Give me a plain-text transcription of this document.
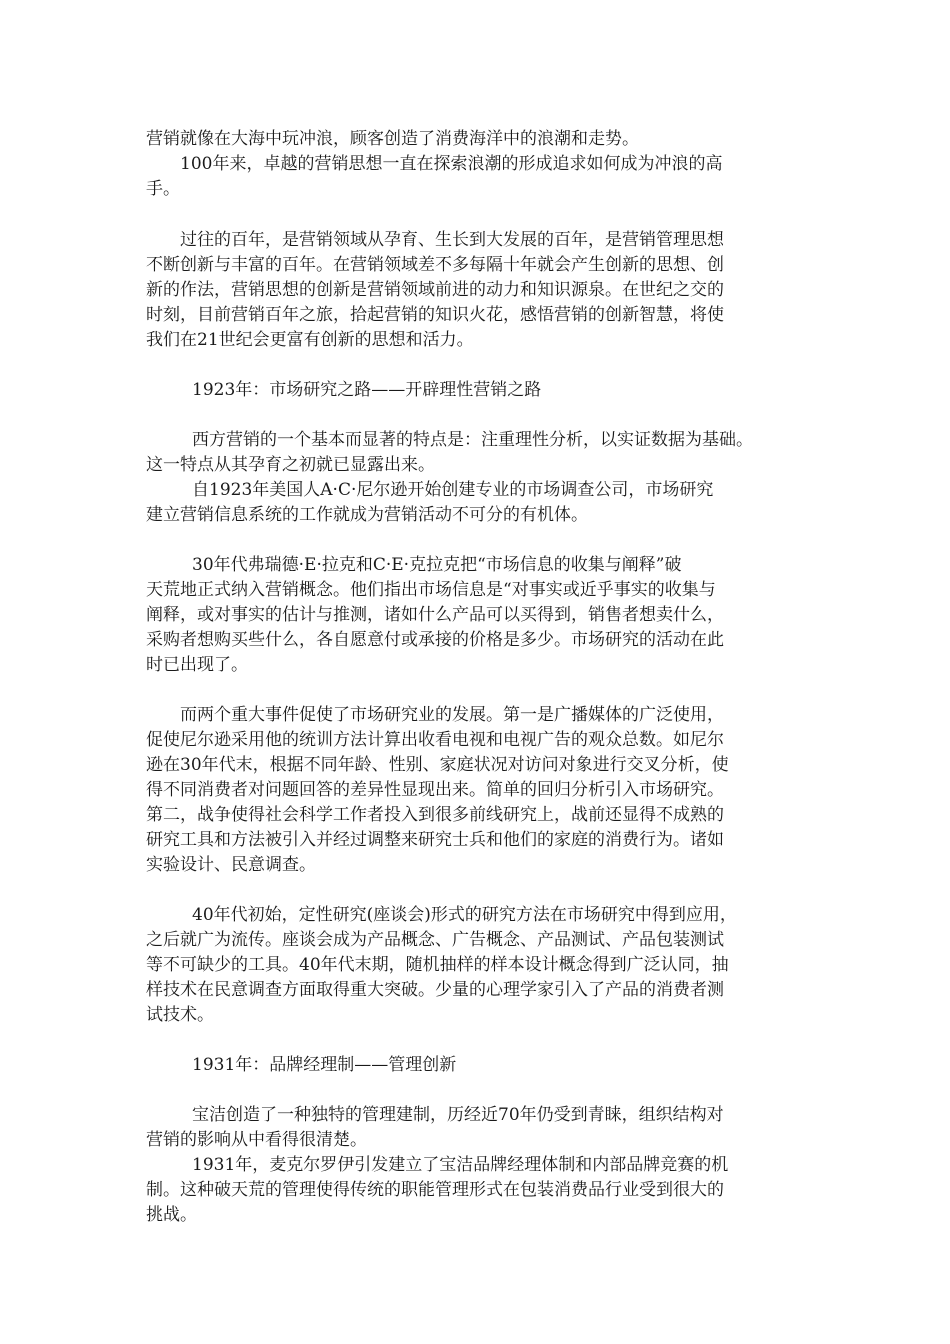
营销就像在大海中玩冲浪，顾客创造了消费海洋中的浪潮和走势。
100年来，卓越的营销思想一直在探索浪潮的形成追求如何成为冲浪的高
手。
过往的百年，是营销领域从孕育、生长到大发展的百年，是营销管理思想
不断创新与丰富的百年。在营销领域差不多每隔十年就会产生创新的思想、创
新的作法，营销思想的创新是营销领域前进的动力和知识源泉。在世纪之交的
时刻，目前营销百年之旅，拾起营销的知识火花，感悟营销的创新智慧，将使
我们在21世纪会更富有创新的思想和活力。
1923年：市场研究之路——开辟理性营销之路
西方营销的一个基本而显著的特点是：注重理性分析，以实证数据为基础。
这一特点从其孕育之初就已显露出来。
自1923年美国人A·C·尼尔逊开始创建专业的市场调查公司，市场研究
建立营销信息系统的工作就成为营销活动不可分的有机体。
30年代弗瑞德·E·拉克和C·E·克拉克把“市场信息的收集与阐释”破
天荒地正式纳入营销概念。他们指出市场信息是“对事实或近乎事实的收集与
阐释，或对事实的估计与推测，诸如什么产品可以买得到，销售者想卖什么，
采购者想购买些什么，各自愿意付或承接的价格是多少。市场研究的活动在此
时已出现了。
而两个重大事件促使了市场研究业的发展。第一是广播媒体的广泛使用，
促使尼尔逊采用他的统训方法计算出收看电视和电视广告的观众总数。如尼尔
逊在30年代末，根据不同年龄、性别、家庭状况对访问对象进行交叉分析，使
得不同消费者对问题回答的差异性显现出来。简单的回归分析引入市场研究。
第二，战争使得社会科学工作者投入到很多前线研究上，战前还显得不成熟的
研究工具和方法被引入并经过调整来研究士兵和他们的家庭的消费行为。诸如
实验设计、民意调查。
40年代初始，定性研究(座谈会)形式的研究方法在市场研究中得到应用，
之后就广为流传。座谈会成为产品概念、广告概念、产品测试、产品包装测试
等不可缺少的工具。40年代末期，随机抽样的样本设计概念得到广泛认同，抽
样技术在民意调查方面取得重大突破。少量的心理学家引入了产品的消费者测
试技术。
1931年：品牌经理制——管理创新
宝洁创造了一种独特的管理建制，历经近70年仍受到青睐，组织结构对
营销的影响从中看得很清楚。
1931年，麦克尔罗伊引发建立了宝洁品牌经理体制和内部品牌竞赛的机
制。这种破天荒的管理使得传统的职能管理形式在包装消费品行业受到很大的
挑战。
